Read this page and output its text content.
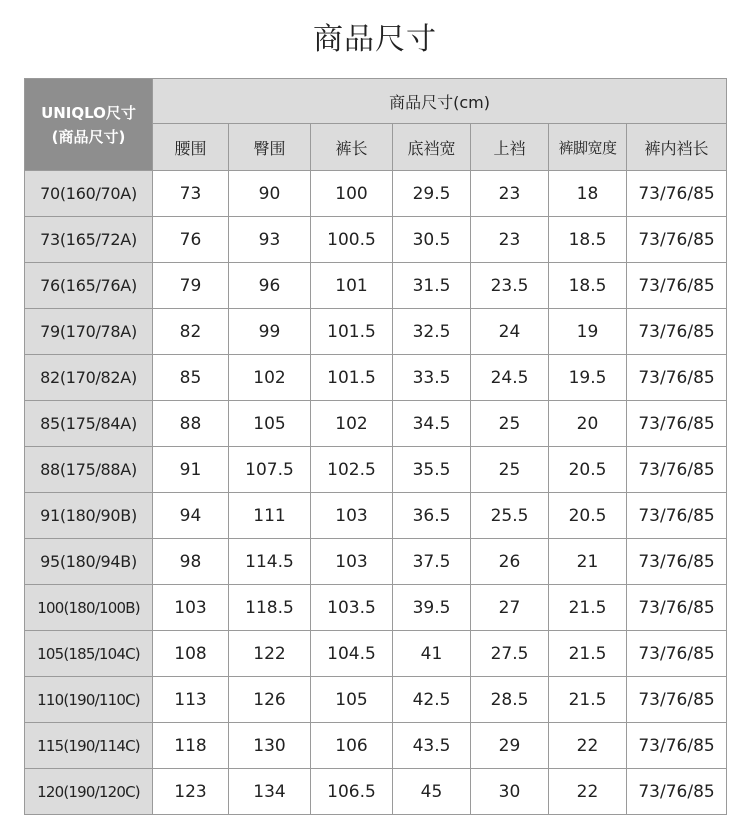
商品尺寸
UNIQLO尺寸
(商品尺寸)	商品尺寸(cm)						
	腰围	臀围	裤长	底裆宽	上裆	裤脚宽度	裤内裆长
70(160/70A)	73	90	100	29.5	23	18	73/76/85
73(165/72A)	76	93	100.5	30.5	23	18.5	73/76/85
76(165/76A)	79	96	101	31.5	23.5	18.5	73/76/85
79(170/78A)	82	99	101.5	32.5	24	19	73/76/85
82(170/82A)	85	102	101.5	33.5	24.5	19.5	73/76/85
85(175/84A)	88	105	102	34.5	25	20	73/76/85
88(175/88A)	91	107.5	102.5	35.5	25	20.5	73/76/85
91(180/90B)	94	111	103	36.5	25.5	20.5	73/76/85
95(180/94B)	98	114.5	103	37.5	26	21	73/76/85
100(180/100B)	103	118.5	103.5	39.5	27	21.5	73/76/85
105(185/104C)	108	122	104.5	41	27.5	21.5	73/76/85
110(190/110C)	113	126	105	42.5	28.5	21.5	73/76/85
115(190/114C)	118	130	106	43.5	29	22	73/76/85
120(190/120C)	123	134	106.5	45	30	22	73/76/85
